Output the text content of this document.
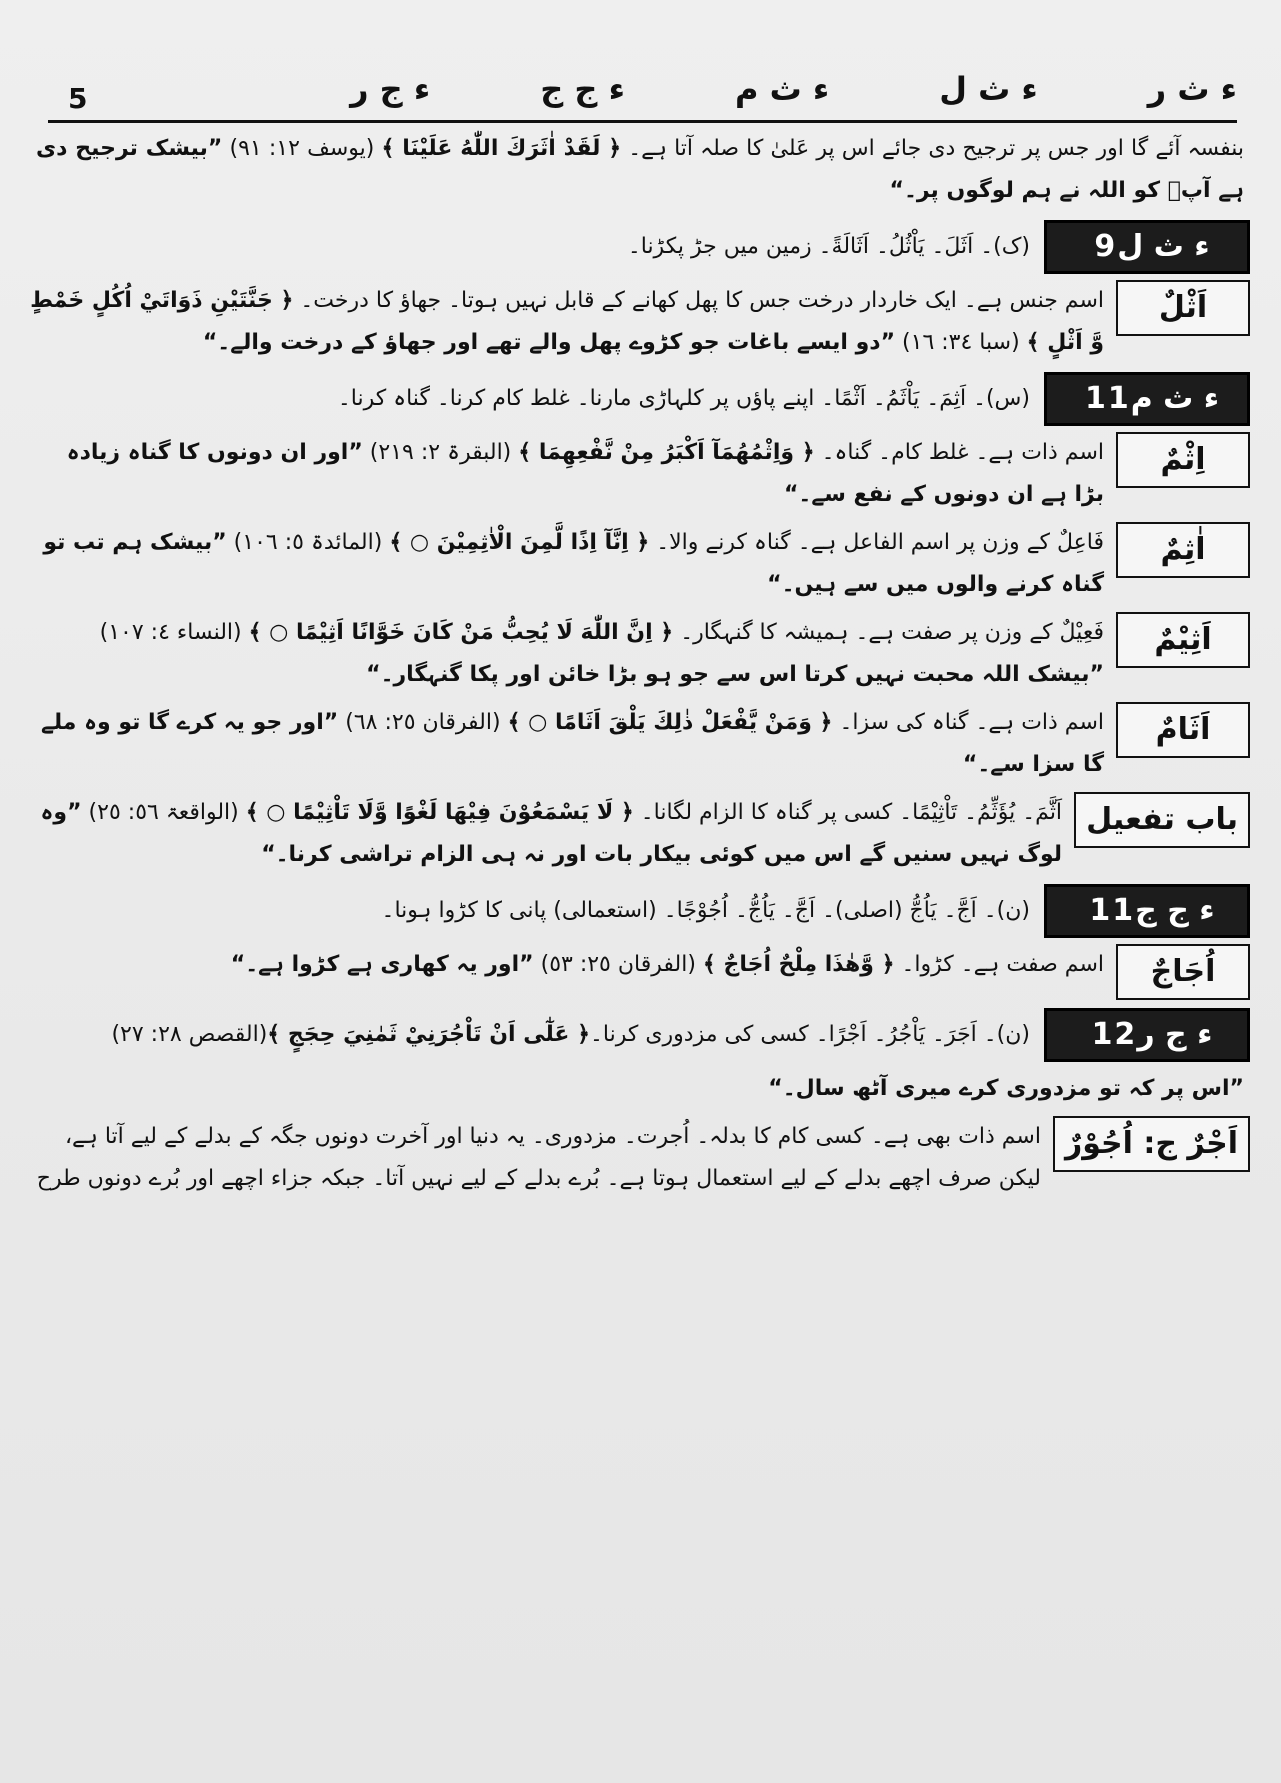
5	ء ث ر
ء ث ل
ء ث م
ء ج ج
ء ج ر

بنفسہ آئے گا اور جس پر ترجیح دی جائے اس پر عَلیٰ کا صلہ آتا ہے۔ ﴿ لَقَدْ اٰثَرَكَ اللّٰهُ عَلَيْنَا ﴾ (یوسف ١٢: ٩١) ”بیشک ترجیح دی ہے آپؑ کو اللہ نے ہم لوگوں پر۔“

ء ث ل
9
(ک)۔ اَثَلَ۔ یَاْثُلُ۔ اَثَالَةً۔ زمین میں جڑ پکڑنا۔
اَثْلٌ
اسم جنس ہے۔ ایک خاردار درخت جس کا پھل کھانے کے قابل نہیں ہوتا۔ جھاؤ کا درخت۔ ﴿ جَنَّتَيْنِ ذَوَاتَيْ اُكُلٍ خَمْطٍ وَّ اَثْلٍ ﴾ (سبا ٣٤: ١٦) ”دو ایسے باغات جو کڑوے پھل والے تھے اور جھاؤ کے درخت والے۔“
ء ث م
11
(س)۔ اَثِمَ۔ یَاْثَمُ۔ اَثْمًا۔ اپنے پاؤں پر کلہاڑی مارنا۔ غلط کام کرنا۔ گناہ کرنا۔
اِثْمٌ
اسم ذات ہے۔ غلط کام۔ گناہ۔ ﴿ وَاِثْمُهُمَآ اَكْبَرُ مِنْ نَّفْعِهِمَا ﴾ (البقرۃ ٢: ٢١٩) ”اور ان دونوں کا گناہ زیادہ بڑا ہے ان دونوں کے نفع سے۔“
اٰثِمٌ
فَاعِلٌ کے وزن پر اسم الفاعل ہے۔ گناہ کرنے والا۔ ﴿ اِنَّآ اِذًا لَّمِنَ الْاٰثِمِيْنَ ○ ﴾ (المائدۃ ٥: ١٠٦) ”بیشک ہم تب تو گناہ کرنے والوں میں سے ہیں۔“
اَثِيْمٌ
فَعِيْلٌ کے وزن پر صفت ہے۔ ہمیشہ کا گنہگار۔ ﴿ اِنَّ اللّٰهَ لَا يُحِبُّ مَنْ كَانَ خَوَّانًا اَثِيْمًا ○ ﴾ (النساء ٤: ١٠٧) ”بیشک اللہ محبت نہیں کرتا اس سے جو ہو بڑا خائن اور پکا گنہگار۔“
اَثَامٌ
اسم ذات ہے۔ گناہ کی سزا۔ ﴿ وَمَنْ يَّفْعَلْ ذٰلِكَ يَلْقَ اَثَامًا ○ ﴾ (الفرقان ٢٥: ٦٨) ”اور جو یہ کرے گا تو وہ ملے گا سزا سے۔“
باب تفعیل
اَثَّمَ۔ یُؤَثِّمُ۔ تَاْثِيْمًا۔ کسی پر گناہ کا الزام لگانا۔ ﴿ لَا يَسْمَعُوْنَ فِيْهَا لَغْوًا وَّلَا تَاْثِيْمًا ○ ﴾ (الواقعۃ ٥٦: ٢٥) ”وہ لوگ نہیں سنیں گے اس میں کوئی بیکار بات اور نہ ہی الزام تراشی کرنا۔“
ء ج ج
11
(ن)۔ اَجَّ۔ یَاُجُّ (اصلی)۔ اَجَّ۔ یَاُجُّ۔ اُجُوْجًا۔ (استعمالی) پانی کا کڑوا ہونا۔
اُجَاجٌ
اسم صفت ہے۔ کڑوا۔ ﴿ وَّهٰذَا مِلْحٌ اُجَاجٌ ﴾ (الفرقان ٢٥: ٥٣) ”اور یہ کھاری ہے کڑوا ہے۔“
ء ج ر
12
(ن)۔ اَجَرَ۔ یَاْجُرُ۔ اَجْرًا۔ کسی کی مزدوری کرنا۔
﴿ عَلٰٓى اَنْ تَاْجُرَنِيْ ثَمٰنِيَ حِجَجٍ ﴾
(القصص ٢٨: ٢٧)

”اس پر کہ تو مزدوری کرے میری آٹھ سال۔“

اَجْرٌ ج: اُجُوْرٌ
اسم ذات بھی ہے۔ کسی کام کا بدلہ۔ اُجرت۔ مزدوری۔ یہ دنیا اور آخرت دونوں جگہ کے بدلے کے لیے آتا ہے، لیکن صرف اچھے بدلے کے لیے استعمال ہوتا ہے۔ بُرے بدلے کے لیے نہیں آتا۔ جبکہ جزاء اچھے اور بُرے دونوں طرح
